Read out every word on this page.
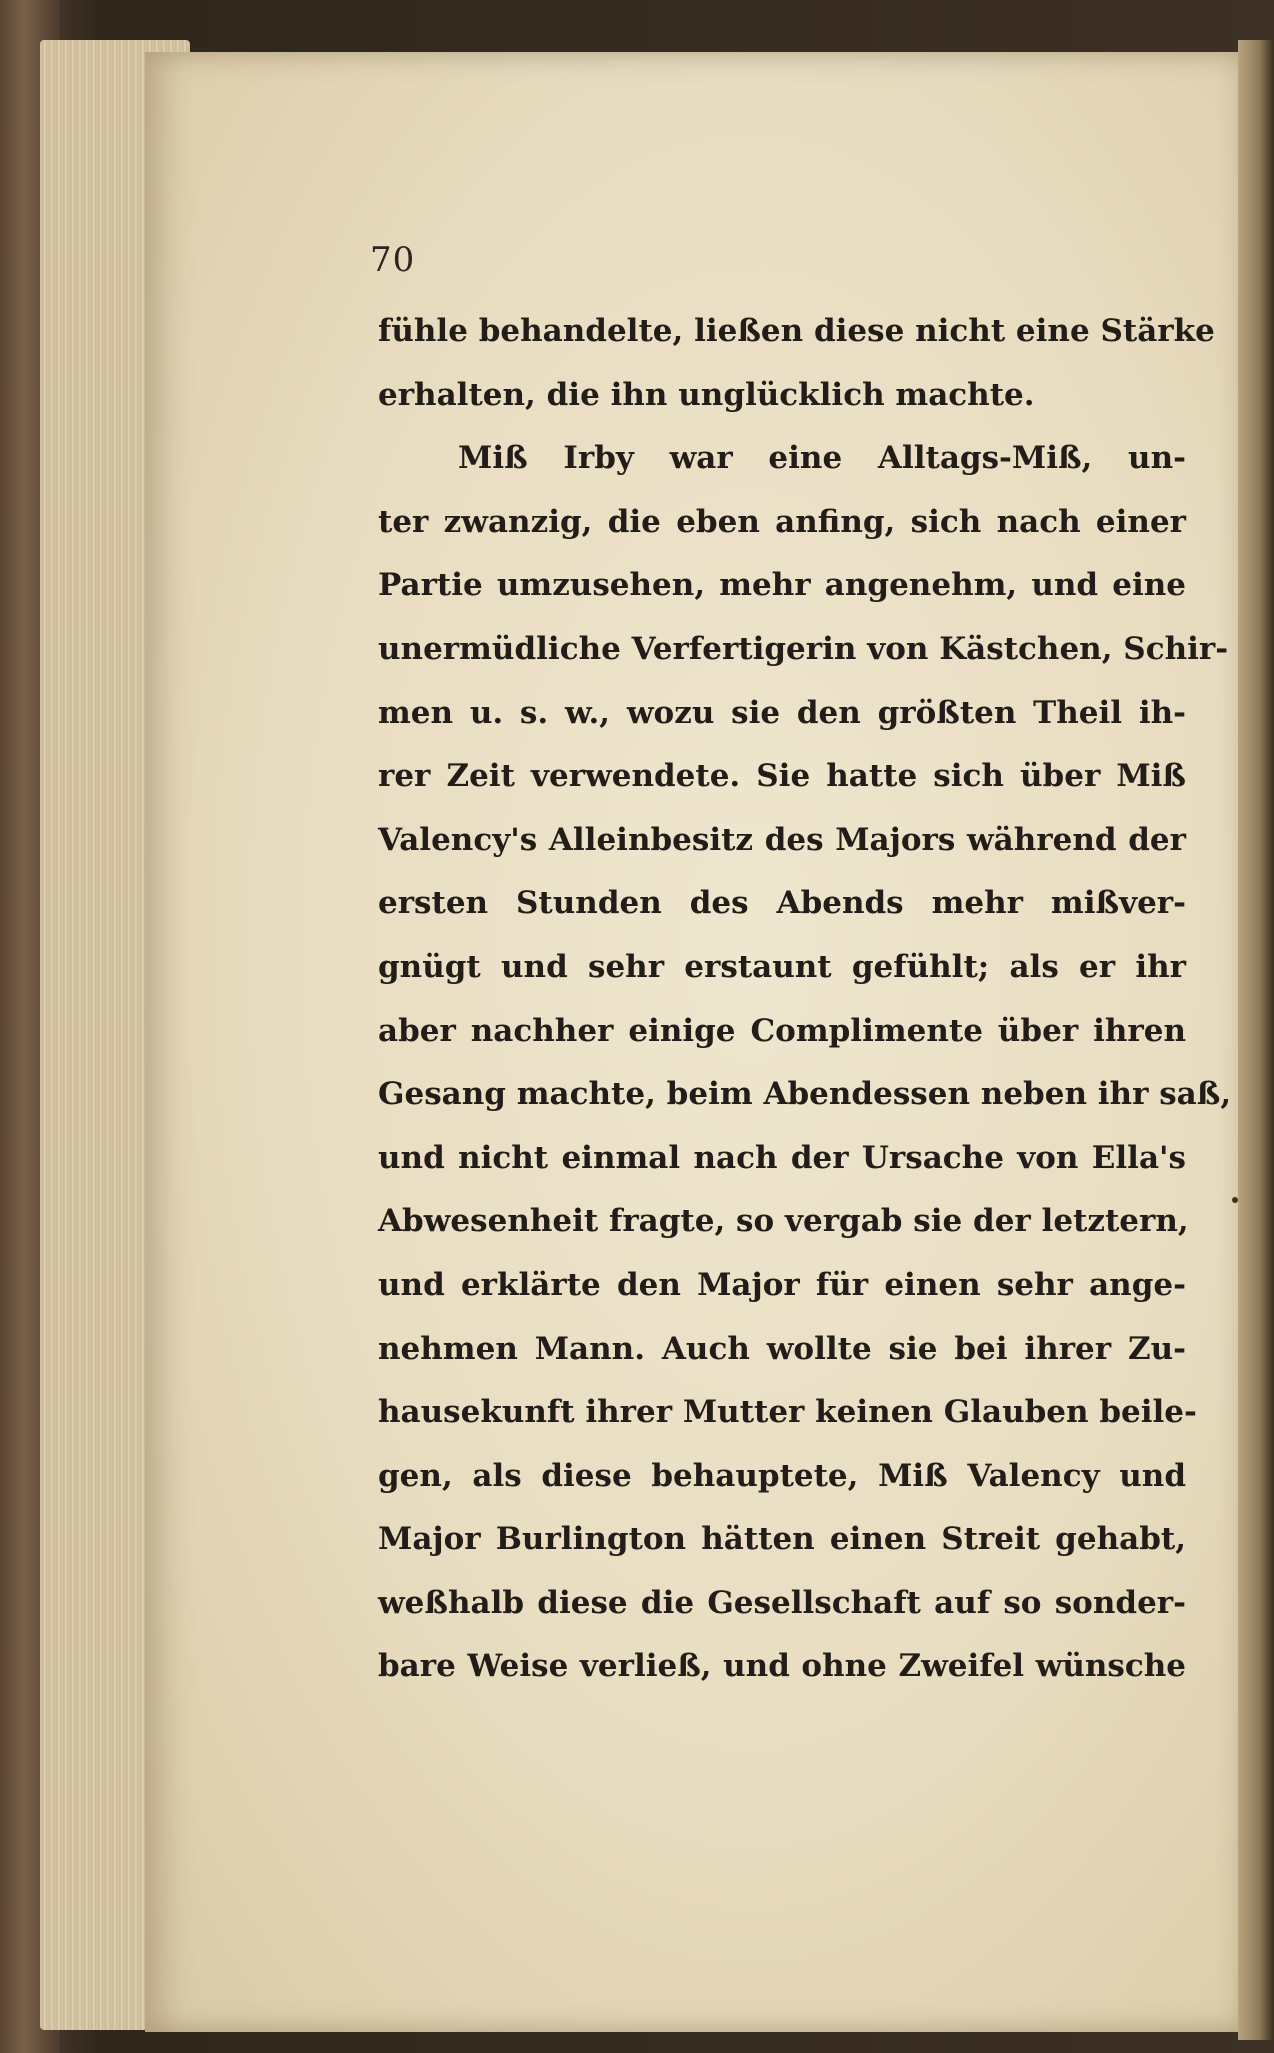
70
fühle behandelte, ließen diese nicht eine Stärke
erhalten, die ihn unglücklich machte.
Miß Irby war eine Alltags-Miß, un-
ter zwanzig, die eben anfing, sich nach einer
Partie umzusehen, mehr angenehm, und eine
unermüdliche Verfertigerin von Kästchen, Schir-
men u. s. w., wozu sie den größten Theil ih-
rer Zeit verwendete. Sie hatte sich über Miß
Valency's Alleinbesitz des Majors während der
ersten Stunden des Abends mehr mißver-
gnügt und sehr erstaunt gefühlt; als er ihr
aber nachher einige Complimente über ihren
Gesang machte, beim Abendessen neben ihr saß,
und nicht einmal nach der Ursache von Ella's
Abwesenheit fragte, so vergab sie der letztern,
und erklärte den Major für einen sehr ange-
nehmen Mann. Auch wollte sie bei ihrer Zu-
hausekunft ihrer Mutter keinen Glauben beile-
gen, als diese behauptete, Miß Valency und
Major Burlington hätten einen Streit gehabt,
weßhalb diese die Gesellschaft auf so sonder-
bare Weise verließ, und ohne Zweifel wünsche
